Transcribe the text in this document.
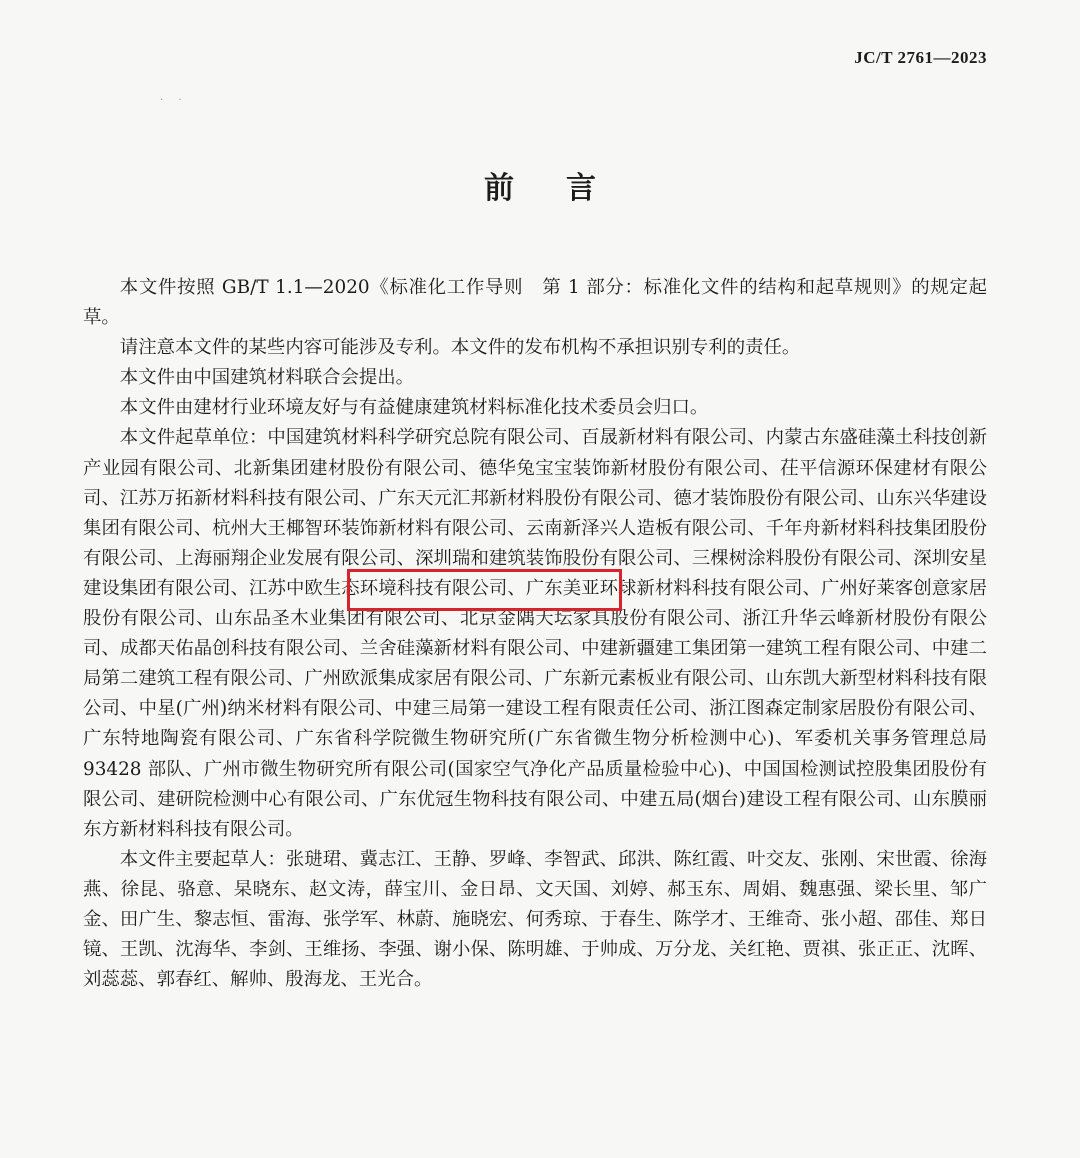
JC/T 2761—2023
· ·
前言

本文件按照 GB/T 1.1—2020《标准化工作导则　第 1 部分：标准化文件的结构和起草规则》的规定起草。

请注意本文件的某些内容可能涉及专利。本文件的发布机构不承担识别专利的责任。

本文件由中国建筑材料联合会提出。

本文件由建材行业环境友好与有益健康建筑材料标准化技术委员会归口。

本文件起草单位：中国建筑材料科学研究总院有限公司、百晟新材料有限公司、内蒙古东盛硅藻土科技创新产业园有限公司、北新集团建材股份有限公司、德华兔宝宝装饰新材股份有限公司、茌平信源环保建材有限公司、江苏万拓新材料科技有限公司、广东天元汇邦新材料股份有限公司、德才装饰股份有限公司、山东兴华建设集团有限公司、杭州大王椰智环装饰新材料有限公司、云南新泽兴人造板有限公司、千年舟新材料科技集团股份有限公司、上海丽翔企业发展有限公司、深圳瑞和建筑装饰股份有限公司、三棵树涂料股份有限公司、深圳安星建设集团有限公司、江苏中欧生态环境科技有限公司、广东美亚环球新材料科技有限公司、广州好莱客创意家居股份有限公司、山东品圣木业集团有限公司、北京金隅天坛家具股份有限公司、浙江升华云峰新材股份有限公司、成都天佑晶创科技有限公司、兰舍硅藻新材料有限公司、中建新疆建工集团第一建筑工程有限公司、中建二局第二建筑工程有限公司、广州欧派集成家居有限公司、广东新元素板业有限公司、山东凯大新型材料科技有限公司、中星(广州)纳米材料有限公司、中建三局第一建设工程有限责任公司、浙江图森定制家居股份有限公司、广东特地陶瓷有限公司、广东省科学院微生物研究所(广东省微生物分析检测中心)、军委机关事务管理总局 93428 部队、广州市微生物研究所有限公司(国家空气净化产品质量检验中心)、中国国检测试控股集团股份有限公司、建研院检测中心有限公司、广东优冠生物科技有限公司、中建五局(烟台)建设工程有限公司、山东膜丽东方新材料科技有限公司。

本文件主要起草人：张琎珺、冀志江、王静、罗峰、李智武、邱洪、陈红霞、叶交友、张刚、宋世霞、徐海燕、徐昆、骆意、杲晓东、赵文涛，薛宝川、金日昂、文天国、刘婷、郝玉东、周娟、魏惠强、梁长里、邹广金、田广生、黎志恒、雷海、张学军、林蔚、施晓宏、何秀琼、于春生、陈学才、王维奇、张小超、邵佳、郑日镜、王凯、沈海华、李剑、王维扬、李强、谢小保、陈明雄、于帅成、万分龙、关红艳、贾祺、张正正、沈晖、刘蕊蕊、郭春红、解帅、殷海龙、王光合。
